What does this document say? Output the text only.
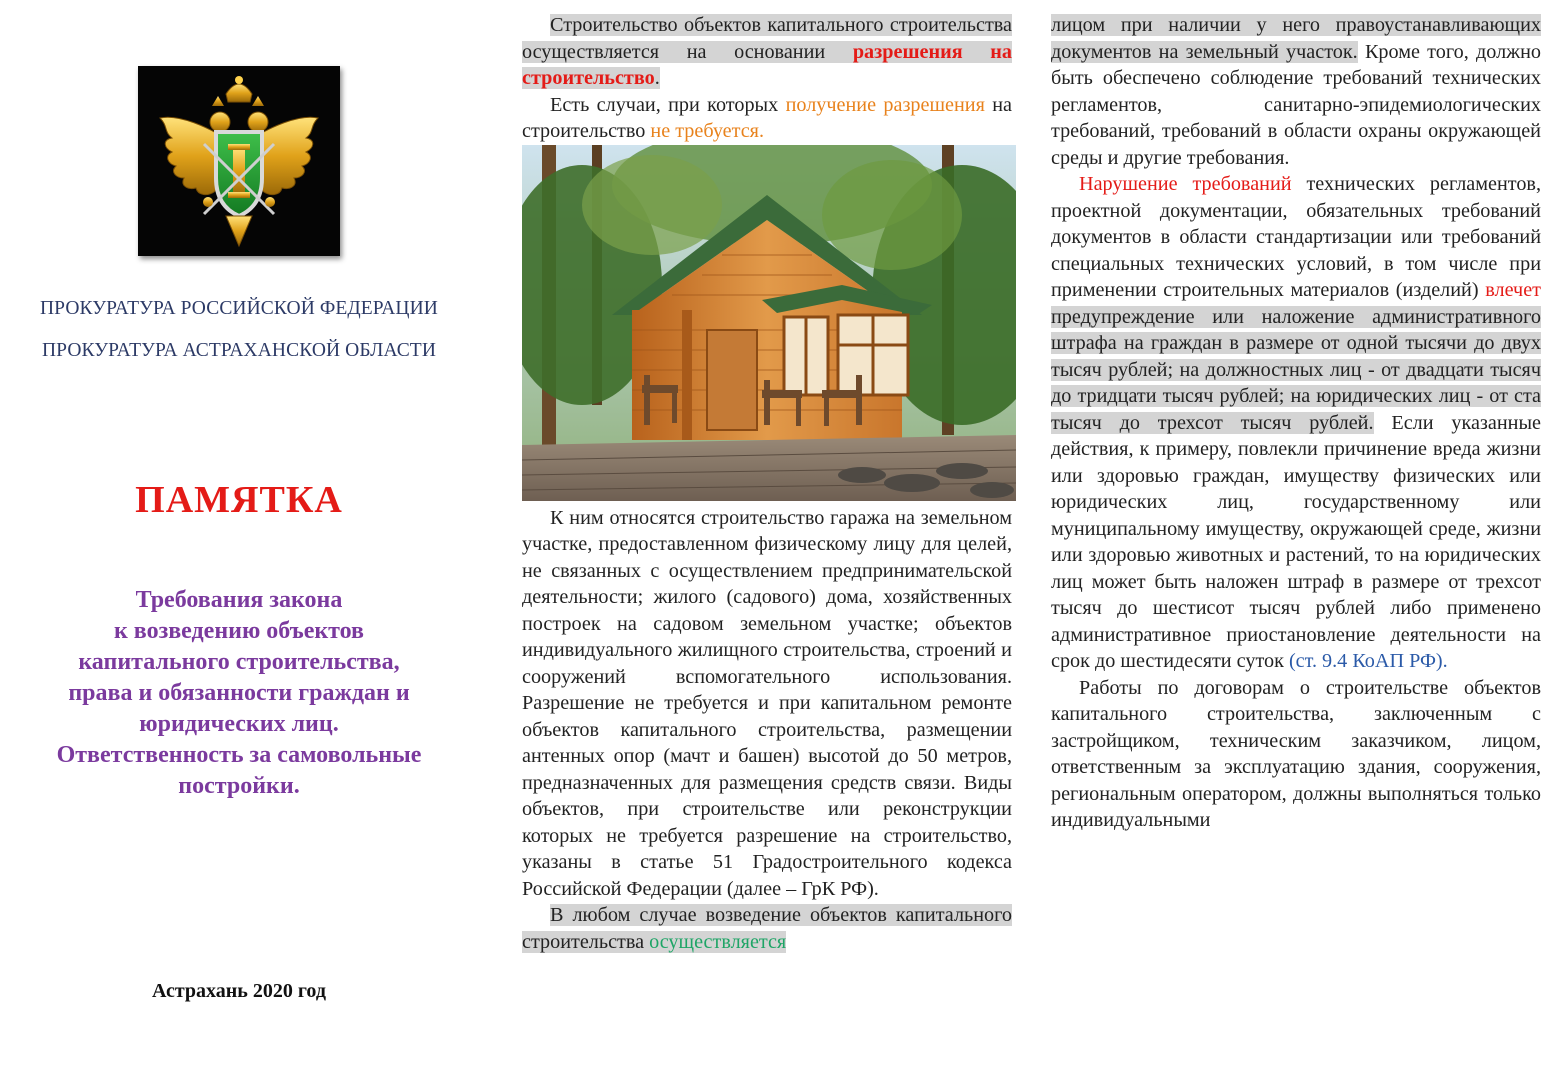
ПРОКУРАТУРА РОССИЙСКОЙ ФЕДЕРАЦИИ
ПРОКУРАТУРА АСТРАХАНСКОЙ ОБЛАСТИ
ПАМЯТКА
Требования закона
к возведению объектов
капитального строительства,
права и обязанности граждан и
юридических лиц.
Ответственность за самовольные
постройки.
Астрахань 2020 год

Строительство объектов капитального строительства осуществляется на основании разрешения на строительство.

Есть случаи, при которых получение разрешения на строительство не требуется.

К ним относятся строительство гаража на земельном участке, предоставленном физическому лицу для целей, не связанных с осуществлением предпринимательской деятельности; жилого (садового) дома, хозяйственных построек на садовом земельном участке; объектов индивидуального жилищного строительства, строений и сооружений вспомогательного использования. Разрешение не требуется и при капитальном ремонте объектов капитального строительства, размещении антенных опор (мачт и башен) высотой до 50 метров, предназначенных для размещения средств связи. Виды объектов, при строительстве или реконструкции которых не требуется разрешение на строительство, указаны в статье 51 Градостроительного кодекса Российской Федерации (далее – ГрК РФ).

В любом случае возведение объектов капитального строительства осуществляется

лицом при наличии у него правоустанавливающих документов на земельный участок. Кроме того, должно быть обеспечено соблюдение требований технических регламентов, санитарно-эпидемиологических требований, требований в области охраны окружающей среды и другие требования.

Нарушение требований технических регламентов, проектной документации, обязательных требований документов в области стандартизации или требований специальных технических условий, в том числе при применении строительных материалов (изделий) влечет предупреждение или наложение административного штрафа на граждан в размере от одной тысячи до двух тысяч рублей; на должностных лиц - от двадцати тысяч до тридцати тысяч рублей; на юридических лиц - от ста тысяч до трехсот тысяч рублей. Если указанные действия, к примеру, повлекли причинение вреда жизни или здоровью граждан, имуществу физических или юридических лиц, государственному или муниципальному имуществу, окружающей среде, жизни или здоровью животных и растений, то на юридических лиц может быть наложен штраф в размере от трехсот тысяч до шестисот тысяч рублей либо применено административное приостановление деятельности на срок до шестидесяти суток (ст. 9.4 КоАП РФ).

Работы по договорам о строительстве объектов капитального строительства, заключенным с застройщиком, техническим заказчиком, лицом, ответственным за эксплуатацию здания, сооружения, региональным оператором, должны выполняться только индивидуальными
